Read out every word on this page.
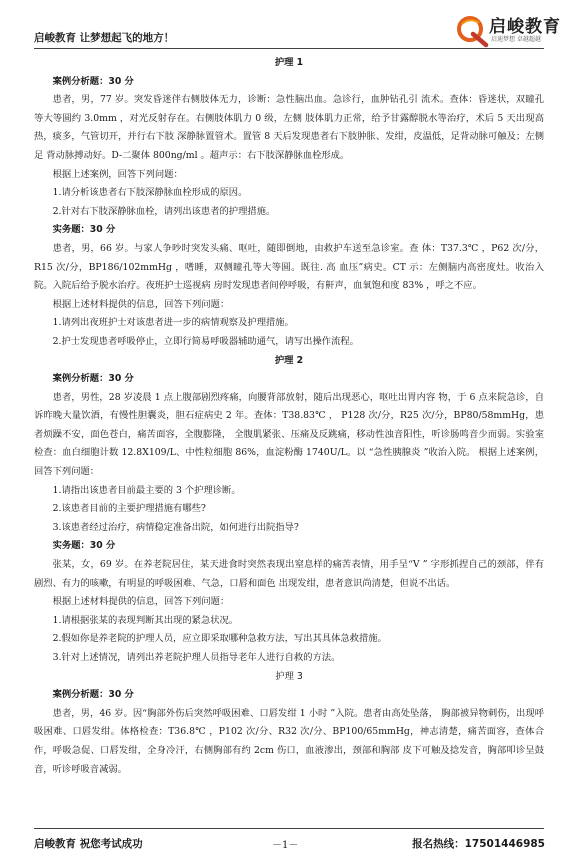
启峻教育 让梦想起飞的地方！
启峻教育
启迪梦想 卓越超越

护理 1

案例分析题：30 分

患者，男，77 岁。突发昏迷伴右侧肢体无力，诊断：急性脑出血。急诊行，血肿钻孔引 流术。查体：昏迷状，双瞳孔等大等圆约 3.0mm ，对光反射存在。右侧肢体肌力 0 级，左侧 肢体肌力正常，给予甘露醇脱水等治疗，术后 5 天出现高热，痰多，气管切开，并行右下肢 深静脉置管术。置管 8 天后发现患者右下肢肿胀、发绀，皮温低，足背动脉可触及；左侧足 背动脉搏动好。D-二聚体 800ng/ml 。超声示：右下肢深静脉血栓形成。

根据上述案例，回答下列问题：

1.请分析该患者右下肢深静脉血栓形成的原因。

2.针对右下肢深静脉血栓，请列出该患者的护理措施。

实务题：30 分

患者，男，66 岁。与家人争吵时突发头痛、呕吐，随即倒地，由救护车送至急诊室。查 体：T37.3℃ ，P62 次/分，R15 次/分，BP186/102mmHg ，嗜睡，双侧瞳孔等大等圆。既往. 高 血压”病史。CT 示：左侧脑内高密度灶。收治入院。入院后给予脱水治疗。夜班护士巡视病 房时发现患者间停呼吸，有鼾声，血氧饱和度 83% ，呼之不应。

根据上述材料提供的信息，回答下列问题：

1.请列出夜班护士对该患者进一步的病情观察及护理措施。

2.护士发现患者呼吸停止，立即行简易呼吸器辅助通气，请写出操作流程。

护理 2

案例分析题：30 分

患者，男性，28 岁凌晨 1 点上腹部剧烈疼痛，向腰背部放射，随后出现恶心，呕吐出胃内容 物，于 6 点来院急诊，自诉昨晚大量饮酒，有慢性胆囊炎，胆石症病史 2 年。查体：T38.83℃ ， P128 次/分，R25 次/分，BP80/58mmHg，患者烦躁不安，面色苍白，痛苦面容，全腹膨隆， 全腹肌紧张、压痛及反跳痛，移动性浊音阳性，听诊肠鸣音少而弱。实验室检查：血白细胞计数 12.8X109/L、中性粒细胞 86%，血淀粉酶 1740U/L。以 “急性胰腺炎 ”收治入院。 根据上述案例，回答下列问题：

1.请指出该患者目前最主要的 3 个护理诊断。

2.该患者目前的主要护理措施有哪些?

3.该患者经过治疗，病情稳定准备出院，如何进行出院指导?

实务题：30 分

张某，女，69 岁。在养老院居住，某天进食时突然表现出窒息样的痛苦表情，用手呈“V ” 字形抓捏自己的颈部，伴有剧烈、有力的咳嗽，有明显的呼吸困难、气急，口唇和面色 出现发绀，患者意识尚清楚，但说不出话。

根据上述材料提供的信息，回答下列问题：

1.请根据张某的表现判断其出现的紧急状况。

2.假如你是养老院的护理人员，应立即采取哪种急救方法，写出其具体急救措施。

3.针对上述情况，请列出养老院护理人员指导老年人进行自救的方法。

护理 3

案例分析题：30 分

患者，男，46 岁。因“胸部外伤后突然呼吸困难、口唇发绀 1 小时 ”入院。患者由高处坠落， 胸部被异物刺伤，出现呼吸困难、口唇发绀。体格检查：T36.8℃ ，P102 次/分、R32 次/分、BP100/65mmHg，神志清楚，痛苦面容，查体合 作，呼吸急促、口唇发绀，全身冷汗，右侧胸部有约 2cm 伤口，血液渗出，颈部和胸部 皮下可触及捻发音，胸部叩诊呈鼓音，听诊呼吸音减弱。

启峻教育 祝您考试成功	－1－	报名热线：17501446985
